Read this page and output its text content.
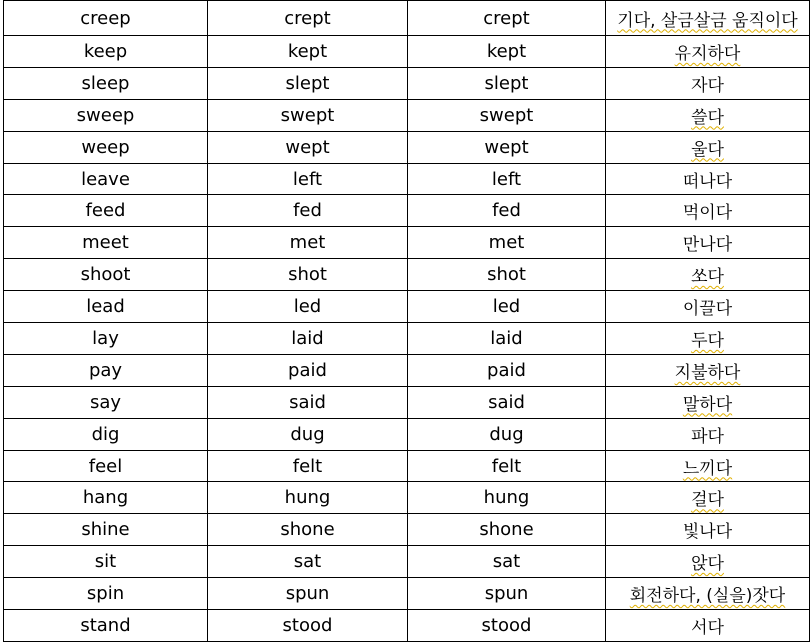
creep	crept	crept	기다, 살금살금 움직이다
keep	kept	kept	유지하다
sleep	slept	slept	자다
sweep	swept	swept	쓸다
weep	wept	wept	울다
leave	left	left	떠나다
feed	fed	fed	먹이다
meet	met	met	만나다
shoot	shot	shot	쏘다
lead	led	led	이끌다
lay	laid	laid	두다
pay	paid	paid	지불하다
say	said	said	말하다
dig	dug	dug	파다
feel	felt	felt	느끼다
hang	hung	hung	걸다
shine	shone	shone	빛나다
sit	sat	sat	앉다
spin	spun	spun	회전하다, (실을)잣다
stand	stood	stood	서다
